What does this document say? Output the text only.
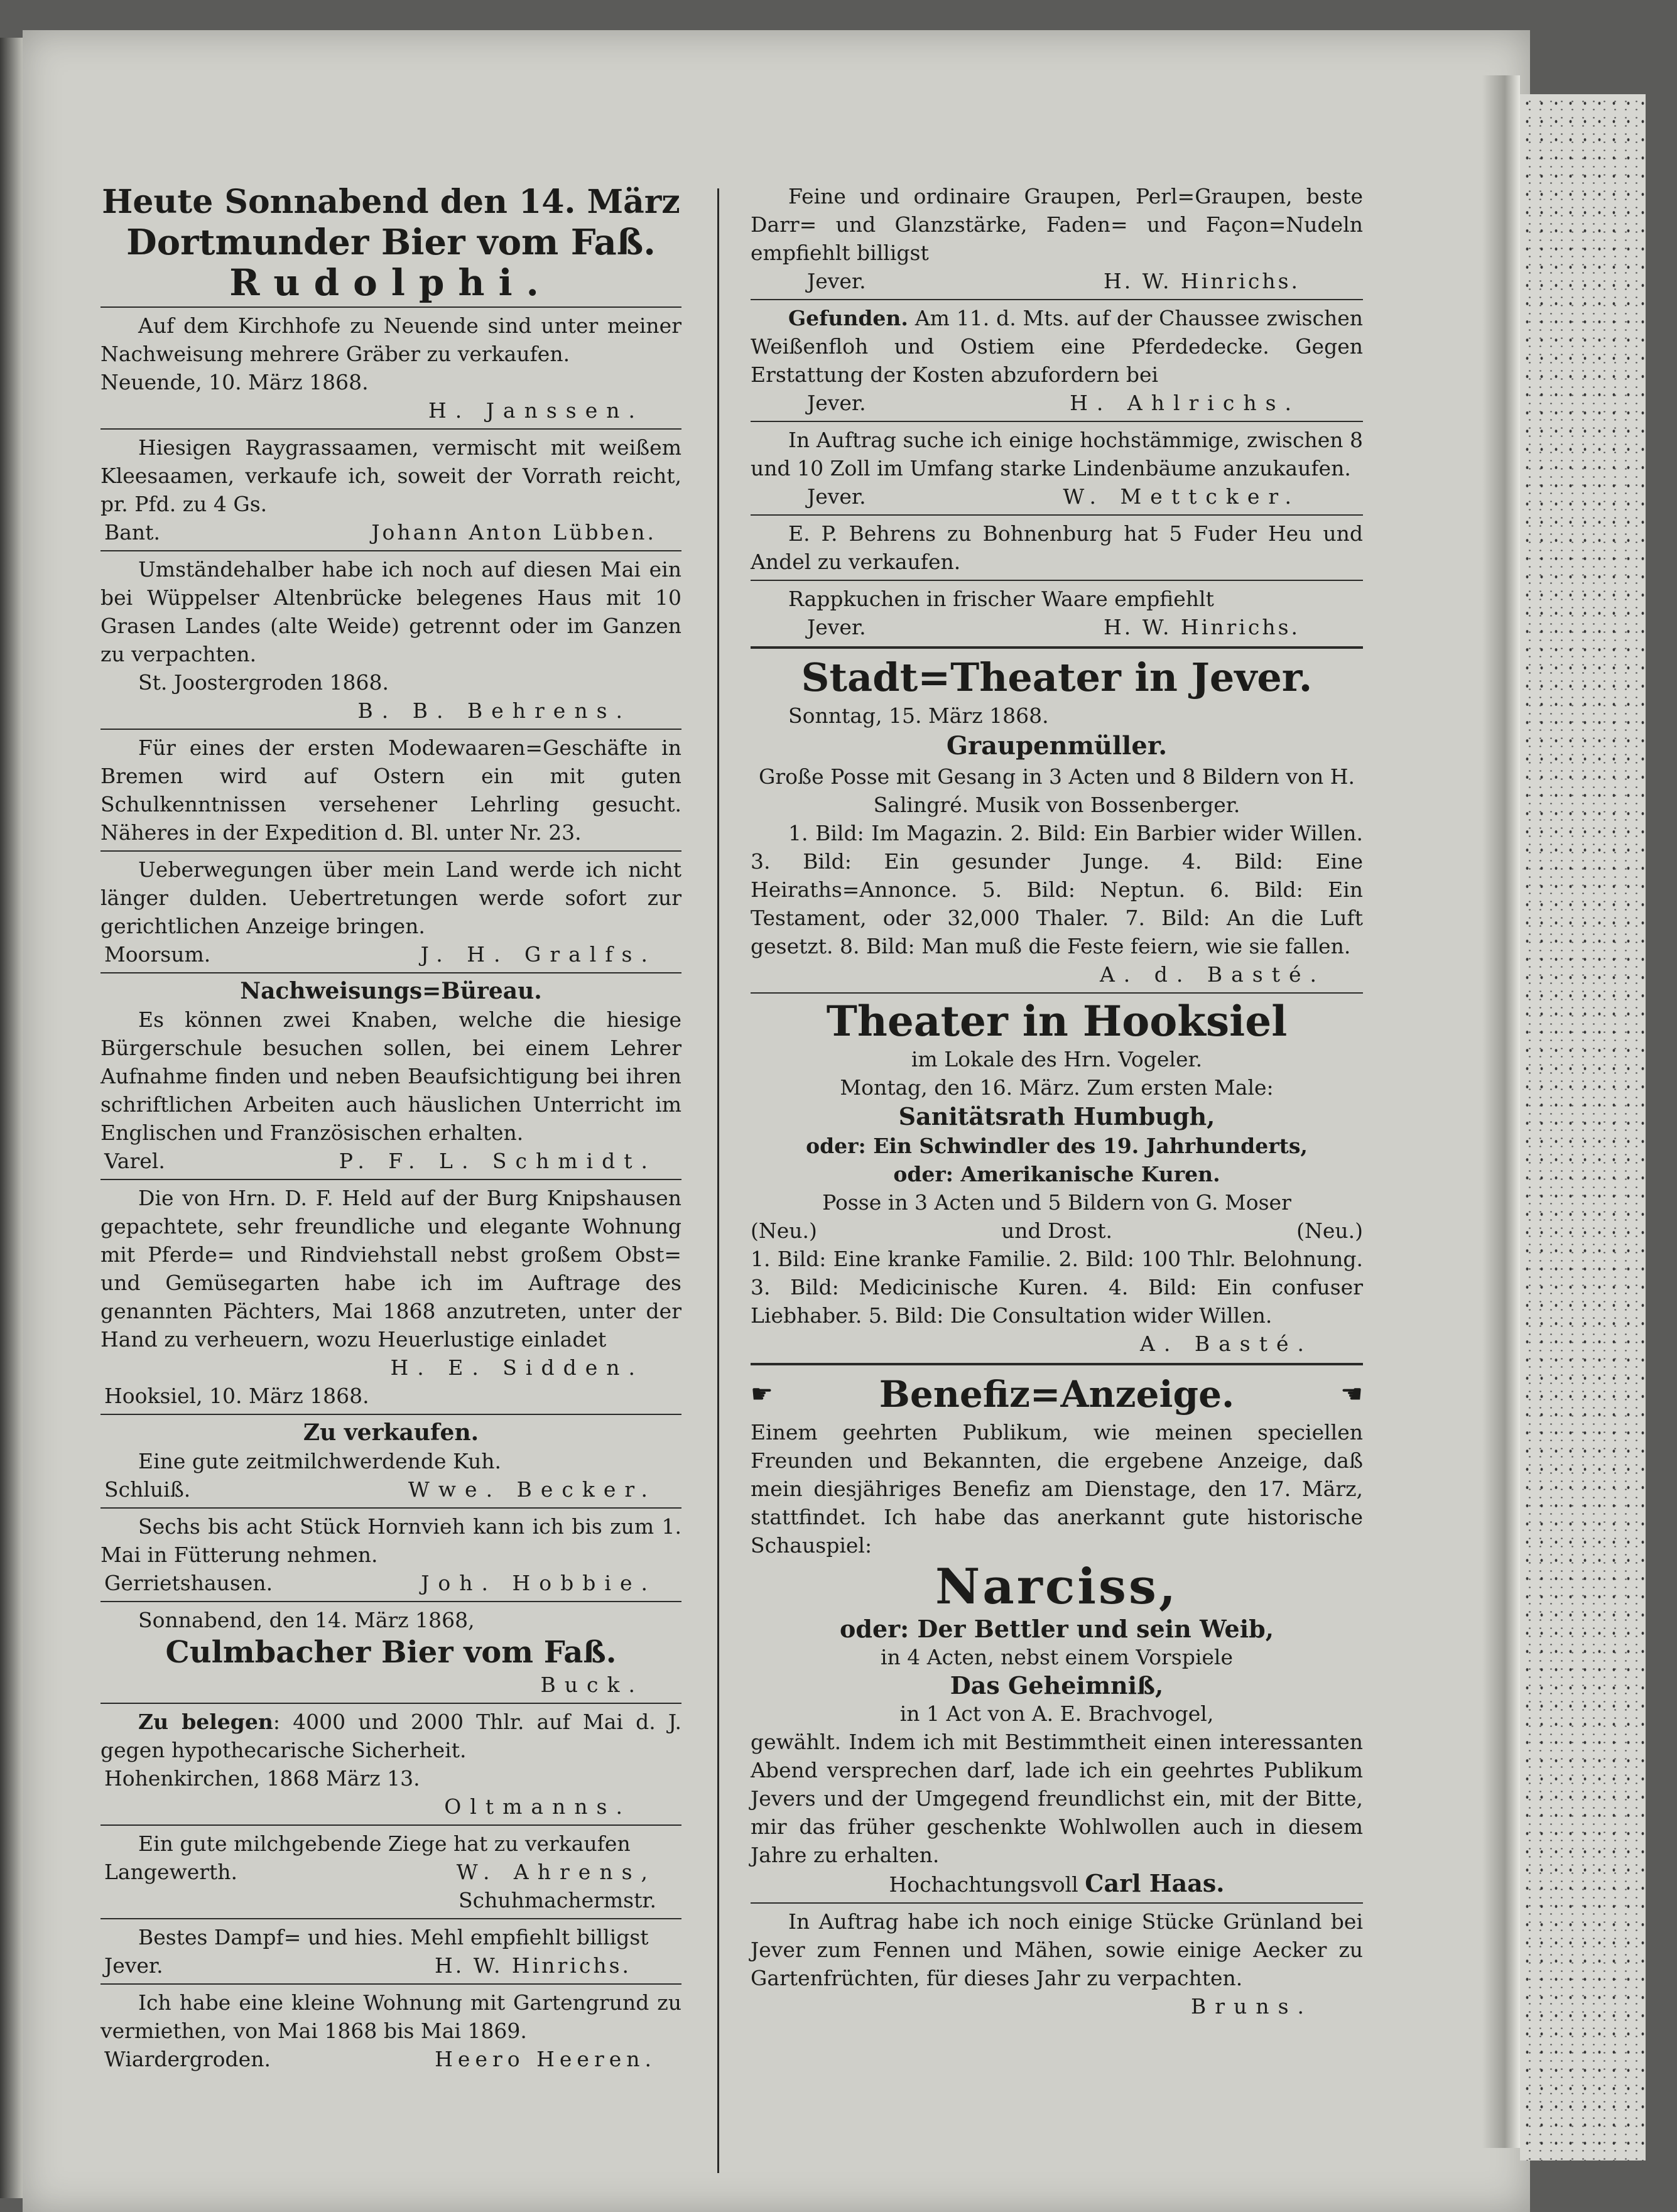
Heute Sonnabend den 14. März
Dortmunder Bier vom Faß.
Rudolphi.

Auf dem Kirchhofe zu Neuende sind unter meiner Nachweisung mehrere Gräber zu verkaufen.

Neuende, 10. März 1868.

H. Janssen.

Hiesigen Raygrassaamen, vermischt mit weißem Kleesaamen, verkaufe ich, soweit der Vorrath reicht, pr. Pfd. zu 4 Gs.

Bant.	Johann Anton Lübben.

Umständehalber habe ich noch auf diesen Mai ein bei Wüppelser Altenbrücke belegenes Haus mit 10 Grasen Landes (alte Weide) getrennt oder im Ganzen zu verpachten.

St. Joostergroden 1868.

B. B. Behrens.

Für eines der ersten Modewaaren=Geschäfte in Bremen wird auf Ostern ein mit guten Schulkenntnissen versehener Lehrling gesucht. Näheres in der Expedition d. Bl. unter Nr. 23.

Ueberwegungen über mein Land werde ich nicht länger dulden. Uebertretungen werde sofort zur gerichtlichen Anzeige bringen.

Moorsum.	J. H. Gralfs.
Nachweisungs=Büreau.

Es können zwei Knaben, welche die hiesige Bürgerschule besuchen sollen, bei einem Lehrer Aufnahme finden und neben Beaufsichtigung bei ihren schriftlichen Arbeiten auch häuslichen Unterricht im Englischen und Französischen erhalten.

Varel.	P. F. L. Schmidt.

Die von Hrn. D. F. Held auf der Burg Knipshausen gepachtete, sehr freundliche und elegante Wohnung mit Pferde= und Rindviehstall nebst großem Obst= und Gemüsegarten habe ich im Auftrage des genannten Pächters, Mai 1868 anzutreten, unter der Hand zu verheuern, wozu Heuerlustige einladet

H. E. Sidden.

Hooksiel, 10. März 1868.

Zu verkaufen.

Eine gute zeitmilchwerdende Kuh.

Schluiß.	Wwe. Becker.

Sechs bis acht Stück Hornvieh kann ich bis zum 1. Mai in Fütterung nehmen.

Gerrietshausen.	Joh. Hobbie.

Sonnabend, den 14. März 1868,

Culmbacher Bier vom Faß.

Buck.

Zu belegen: 4000 und 2000 Thlr. auf Mai d. J. gegen hypothecarische Sicherheit.

Hohenkirchen, 1868 März 13.

Oltmanns.

Ein gute milchgebende Ziege hat zu verkaufen

Langewerth.	W. Ahrens,

Schuhmachermstr.

Bestes Dampf= und hies. Mehl empfiehlt billigst

Jever.	H. W. Hinrichs.

Ich habe eine kleine Wohnung mit Gartengrund zu vermiethen, von Mai 1868 bis Mai 1869.

Wiardergroden.	Heero Heeren.

Feine und ordinaire Graupen, Perl=Graupen, beste Darr= und Glanzstärke, Faden= und Façon=Nudeln empfiehlt billigst

Jever.	H. W. Hinrichs.

Gefunden. Am 11. d. Mts. auf der Chaussee zwischen Weißenfloh und Ostiem eine Pferdedecke. Gegen Erstattung der Kosten abzufordern bei

Jever.	H. Ahlrichs.

In Auftrag suche ich einige hochstämmige, zwischen 8 und 10 Zoll im Umfang starke Lindenbäume anzukaufen.

Jever.	W. Mettcker.

E. P. Behrens zu Bohnenburg hat 5 Fuder Heu und Andel zu verkaufen.

Rappkuchen in frischer Waare empfiehlt

Jever.	H. W. Hinrichs.
Stadt=Theater in Jever.

Sonntag, 15. März 1868.

Graupenmüller.

Große Posse mit Gesang in 3 Acten und 8 Bildern von H. Salingré. Musik von Bossenberger.

1. Bild: Im Magazin. 2. Bild: Ein Barbier wider Willen. 3. Bild: Ein gesunder Junge. 4. Bild: Eine Heiraths=Annonce. 5. Bild: Neptun. 6. Bild: Ein Testament, oder 32,000 Thaler. 7. Bild: An die Luft gesetzt. 8. Bild: Man muß die Feste feiern, wie sie fallen.

A. d. Basté.

Theater in Hooksiel

im Lokale des Hrn. Vogeler.

Montag, den 16. März. Zum ersten Male:

Sanitätsrath Humbugh,

oder: Ein Schwindler des 19. Jahrhunderts,

oder: Amerikanische Kuren.

Posse in 3 Acten und 5 Bildern von G. Moser

(Neu.)	und Drost.	(Neu.)

1. Bild: Eine kranke Familie. 2. Bild: 100 Thlr. Belohnung. 3. Bild: Medicinische Kuren. 4. Bild: Ein confuser Liebhaber. 5. Bild: Die Consultation wider Willen.

A. Basté.

☛	Benefiz=Anzeige.	☚

Einem geehrten Publikum, wie meinen speciellen Freunden und Bekannten, die ergebene Anzeige, daß mein diesjähriges Benefiz am Dienstage, den 17. März, stattfindet. Ich habe das anerkannt gute historische Schauspiel:

Narciss,

oder: Der Bettler und sein Weib,

in 4 Acten, nebst einem Vorspiele

Das Geheimniß,

in 1 Act von A. E. Brachvogel,

gewählt. Indem ich mit Bestimmtheit einen interessanten Abend versprechen darf, lade ich ein geehrtes Publikum Jevers und der Umgegend freundlichst ein, mit der Bitte, mir das früher geschenkte Wohlwollen auch in diesem Jahre zu erhalten.

Hochachtungsvoll Carl Haas.

In Auftrag habe ich noch einige Stücke Grünland bei Jever zum Fennen und Mähen, sowie einige Aecker zu Gartenfrüchten, für dieses Jahr zu verpachten.

Bruns.
